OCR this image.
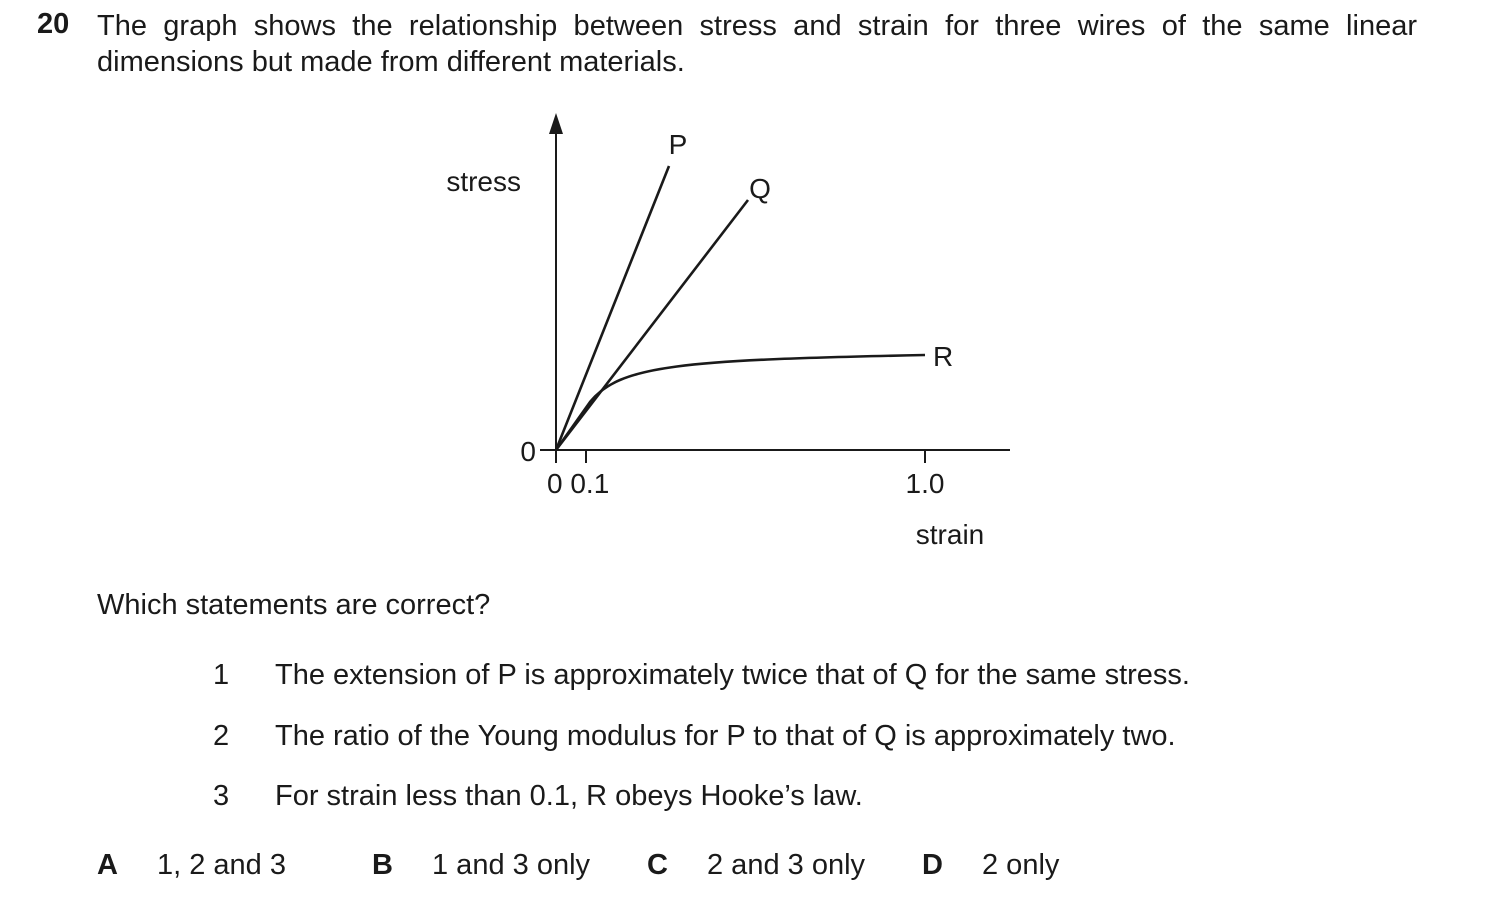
20 The graph shows the relationship between stress and strain for three wires of the same linear dimensions but made from different materials.
stress
0
0 0.1	1.0
strain
P
Q
R
Which statements are correct?
1 The extension of P is approximately twice that of Q for the same stress.
2 The ratio of the Young modulus for P to that of Q is approximately two.
3 For strain less than 0.1, R obeys Hooke’s law.
A 1, 2 and 3	B 1 and 3 only C 2 and 3 only D 2 only
